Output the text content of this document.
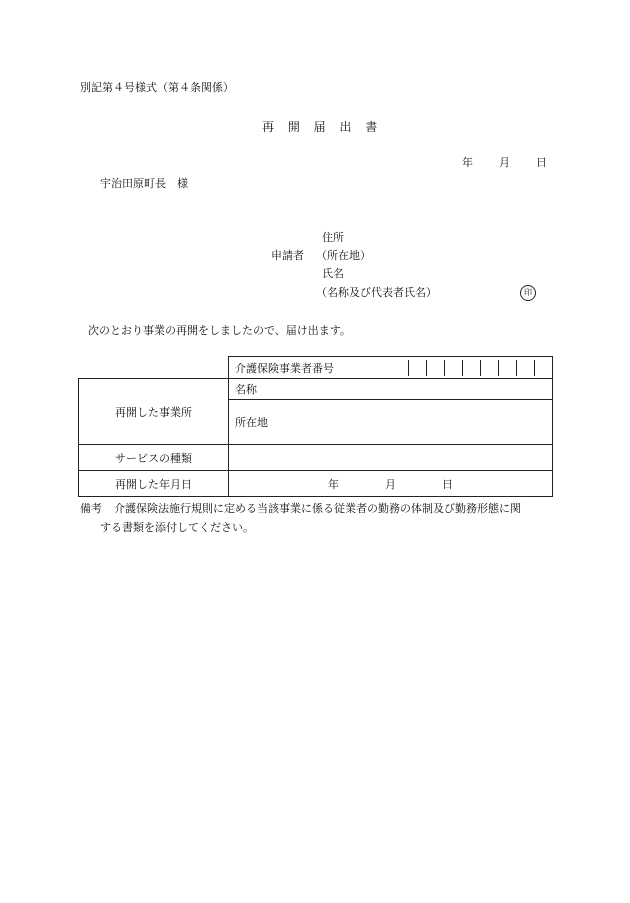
別記第４号様式（第４条関係）
再 開 届 出 書
年 月 日
宇治田原町長　様
住所
申請者 （所在地）
氏名
（名称及び代表者氏名）	印
次のとおり事業の再開をしましたので、届け出ます。

介護保険事業者番号

再開した事業所	名称
	所在地
サービスの種類	
再開した年月日	年 月 日
備考 介護保険法施行規則に定める当該事業に係る従業者の勤務の体制及び勤務形態に関
する書類を添付してください。
